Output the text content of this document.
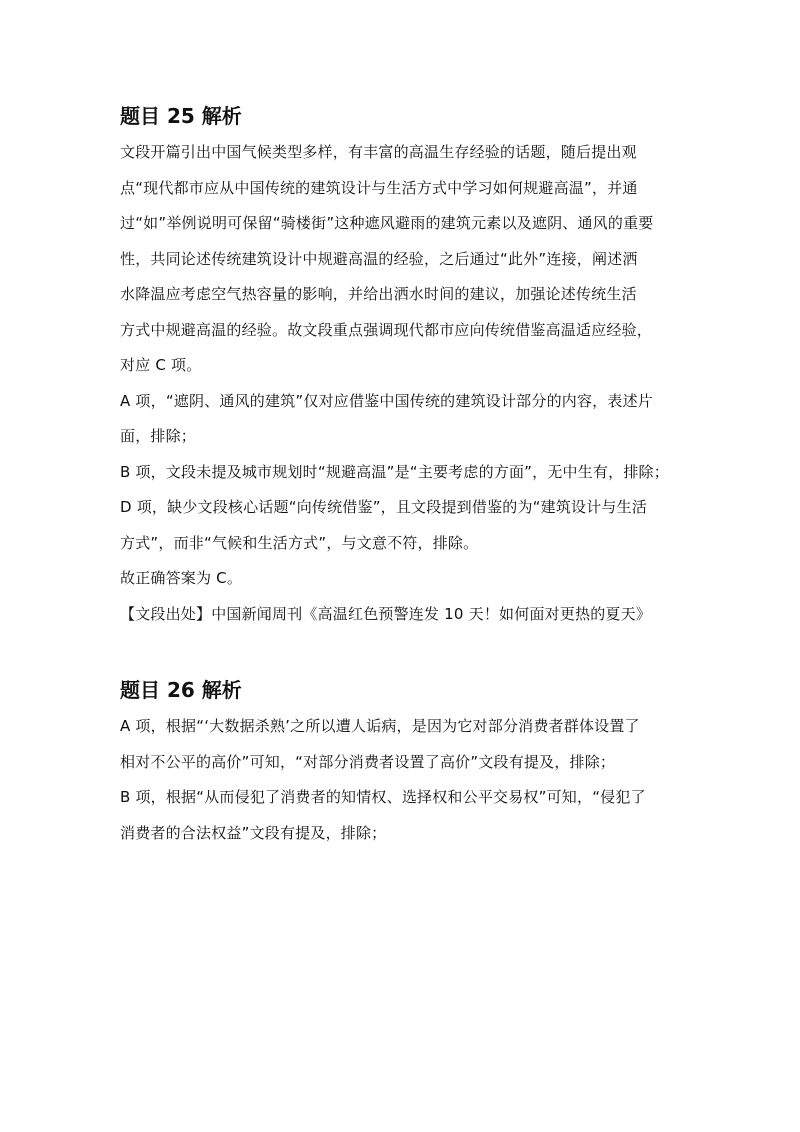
题目 25 解析
文段开篇引出中国气候类型多样，有丰富的高温生存经验的话题，随后提出观
点“现代都市应从中国传统的建筑设计与生活方式中学习如何规避高温”，并通
过“如”举例说明可保留“骑楼街”这种遮风避雨的建筑元素以及遮阴、通风的重要
性，共同论述传统建筑设计中规避高温的经验，之后通过“此外”连接，阐述洒
水降温应考虑空气热容量的影响，并给出洒水时间的建议，加强论述传统生活
方式中规避高温的经验。故文段重点强调现代都市应向传统借鉴高温适应经验，
对应 C 项。
A 项，“遮阴、通风的建筑”仅对应借鉴中国传统的建筑设计部分的内容，表述片
面，排除；
B 项，文段未提及城市规划时“规避高温”是“主要考虑的方面”，无中生有，排除；
D 项，缺少文段核心话题“向传统借鉴”，且文段提到借鉴的为“建筑设计与生活
方式”，而非“气候和生活方式”，与文意不符，排除。
故正确答案为 C。
【文段出处】中国新闻周刊《高温红色预警连发 10 天！如何面对更热的夏天》
题目 26 解析
A 项，根据“‘大数据杀熟’之所以遭人诟病，是因为它对部分消费者群体设置了
相对不公平的高价”可知，“对部分消费者设置了高价”文段有提及，排除；
B 项，根据“从而侵犯了消费者的知情权、选择权和公平交易权”可知，“侵犯了
消费者的合法权益”文段有提及，排除；
